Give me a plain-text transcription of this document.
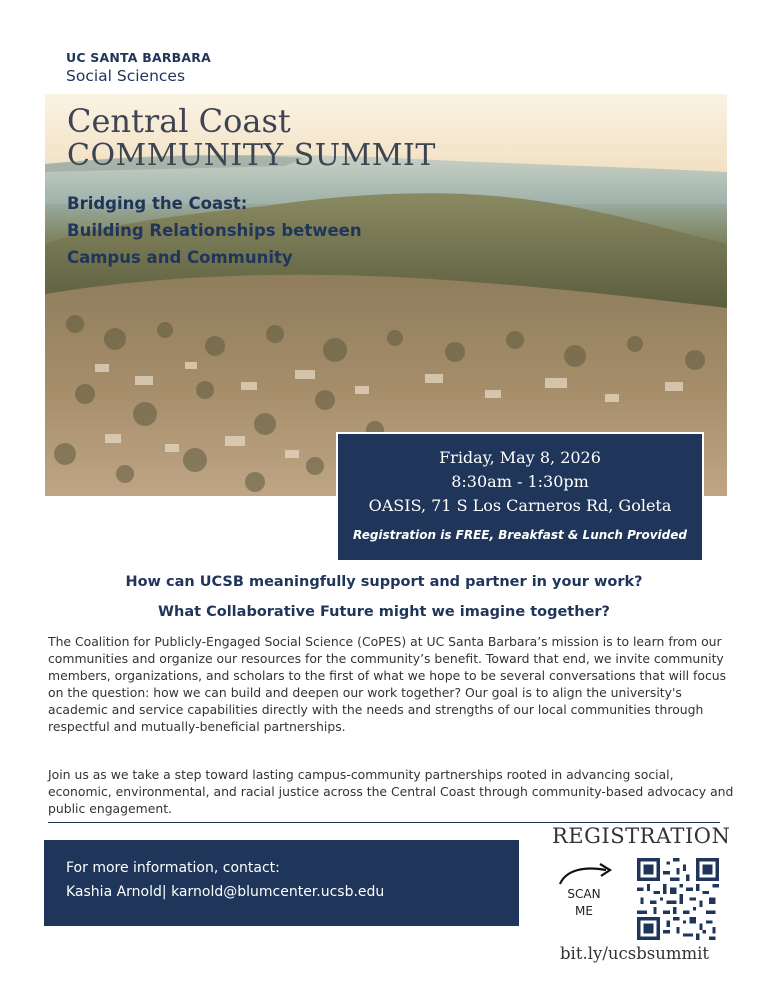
UC SANTA BARBARA
Social Sciences
Central Coast
COMMUNITY SUMMIT
Bridging the Coast:
Building Relationships between
Campus and Community
Friday, May 8, 2026
8:30am - 1:30pm
OASIS, 71 S Los Carneros Rd, Goleta
Registration is FREE, Breakfast & Lunch Provided
How can UCSB meaningfully support and partner in your work?
What Collaborative Future might we imagine together?
The Coalition for Publicly-Engaged Social Science (CoPES) at UC Santa Barbara’s mission is to learn from our communities and organize our resources for the community’s benefit. Toward that end, we invite community members, organizations, and scholars to the first of what we hope to be several conversations that will focus on the question: how we can build and deepen our work together? Our goal is to align the university's academic and service capabilities directly with the needs and strengths of our local communities through respectful and mutually-beneficial partnerships.
Join us as we take a step toward lasting campus-community partnerships rooted in advancing social, economic, environmental, and racial justice across the Central Coast through community-based advocacy and public engagement.
For more information, contact:
Kashia Arnold| karnold@blumcenter.ucsb.edu
REGISTRATION
SCAN
ME
bit.ly/ucsbsummit
